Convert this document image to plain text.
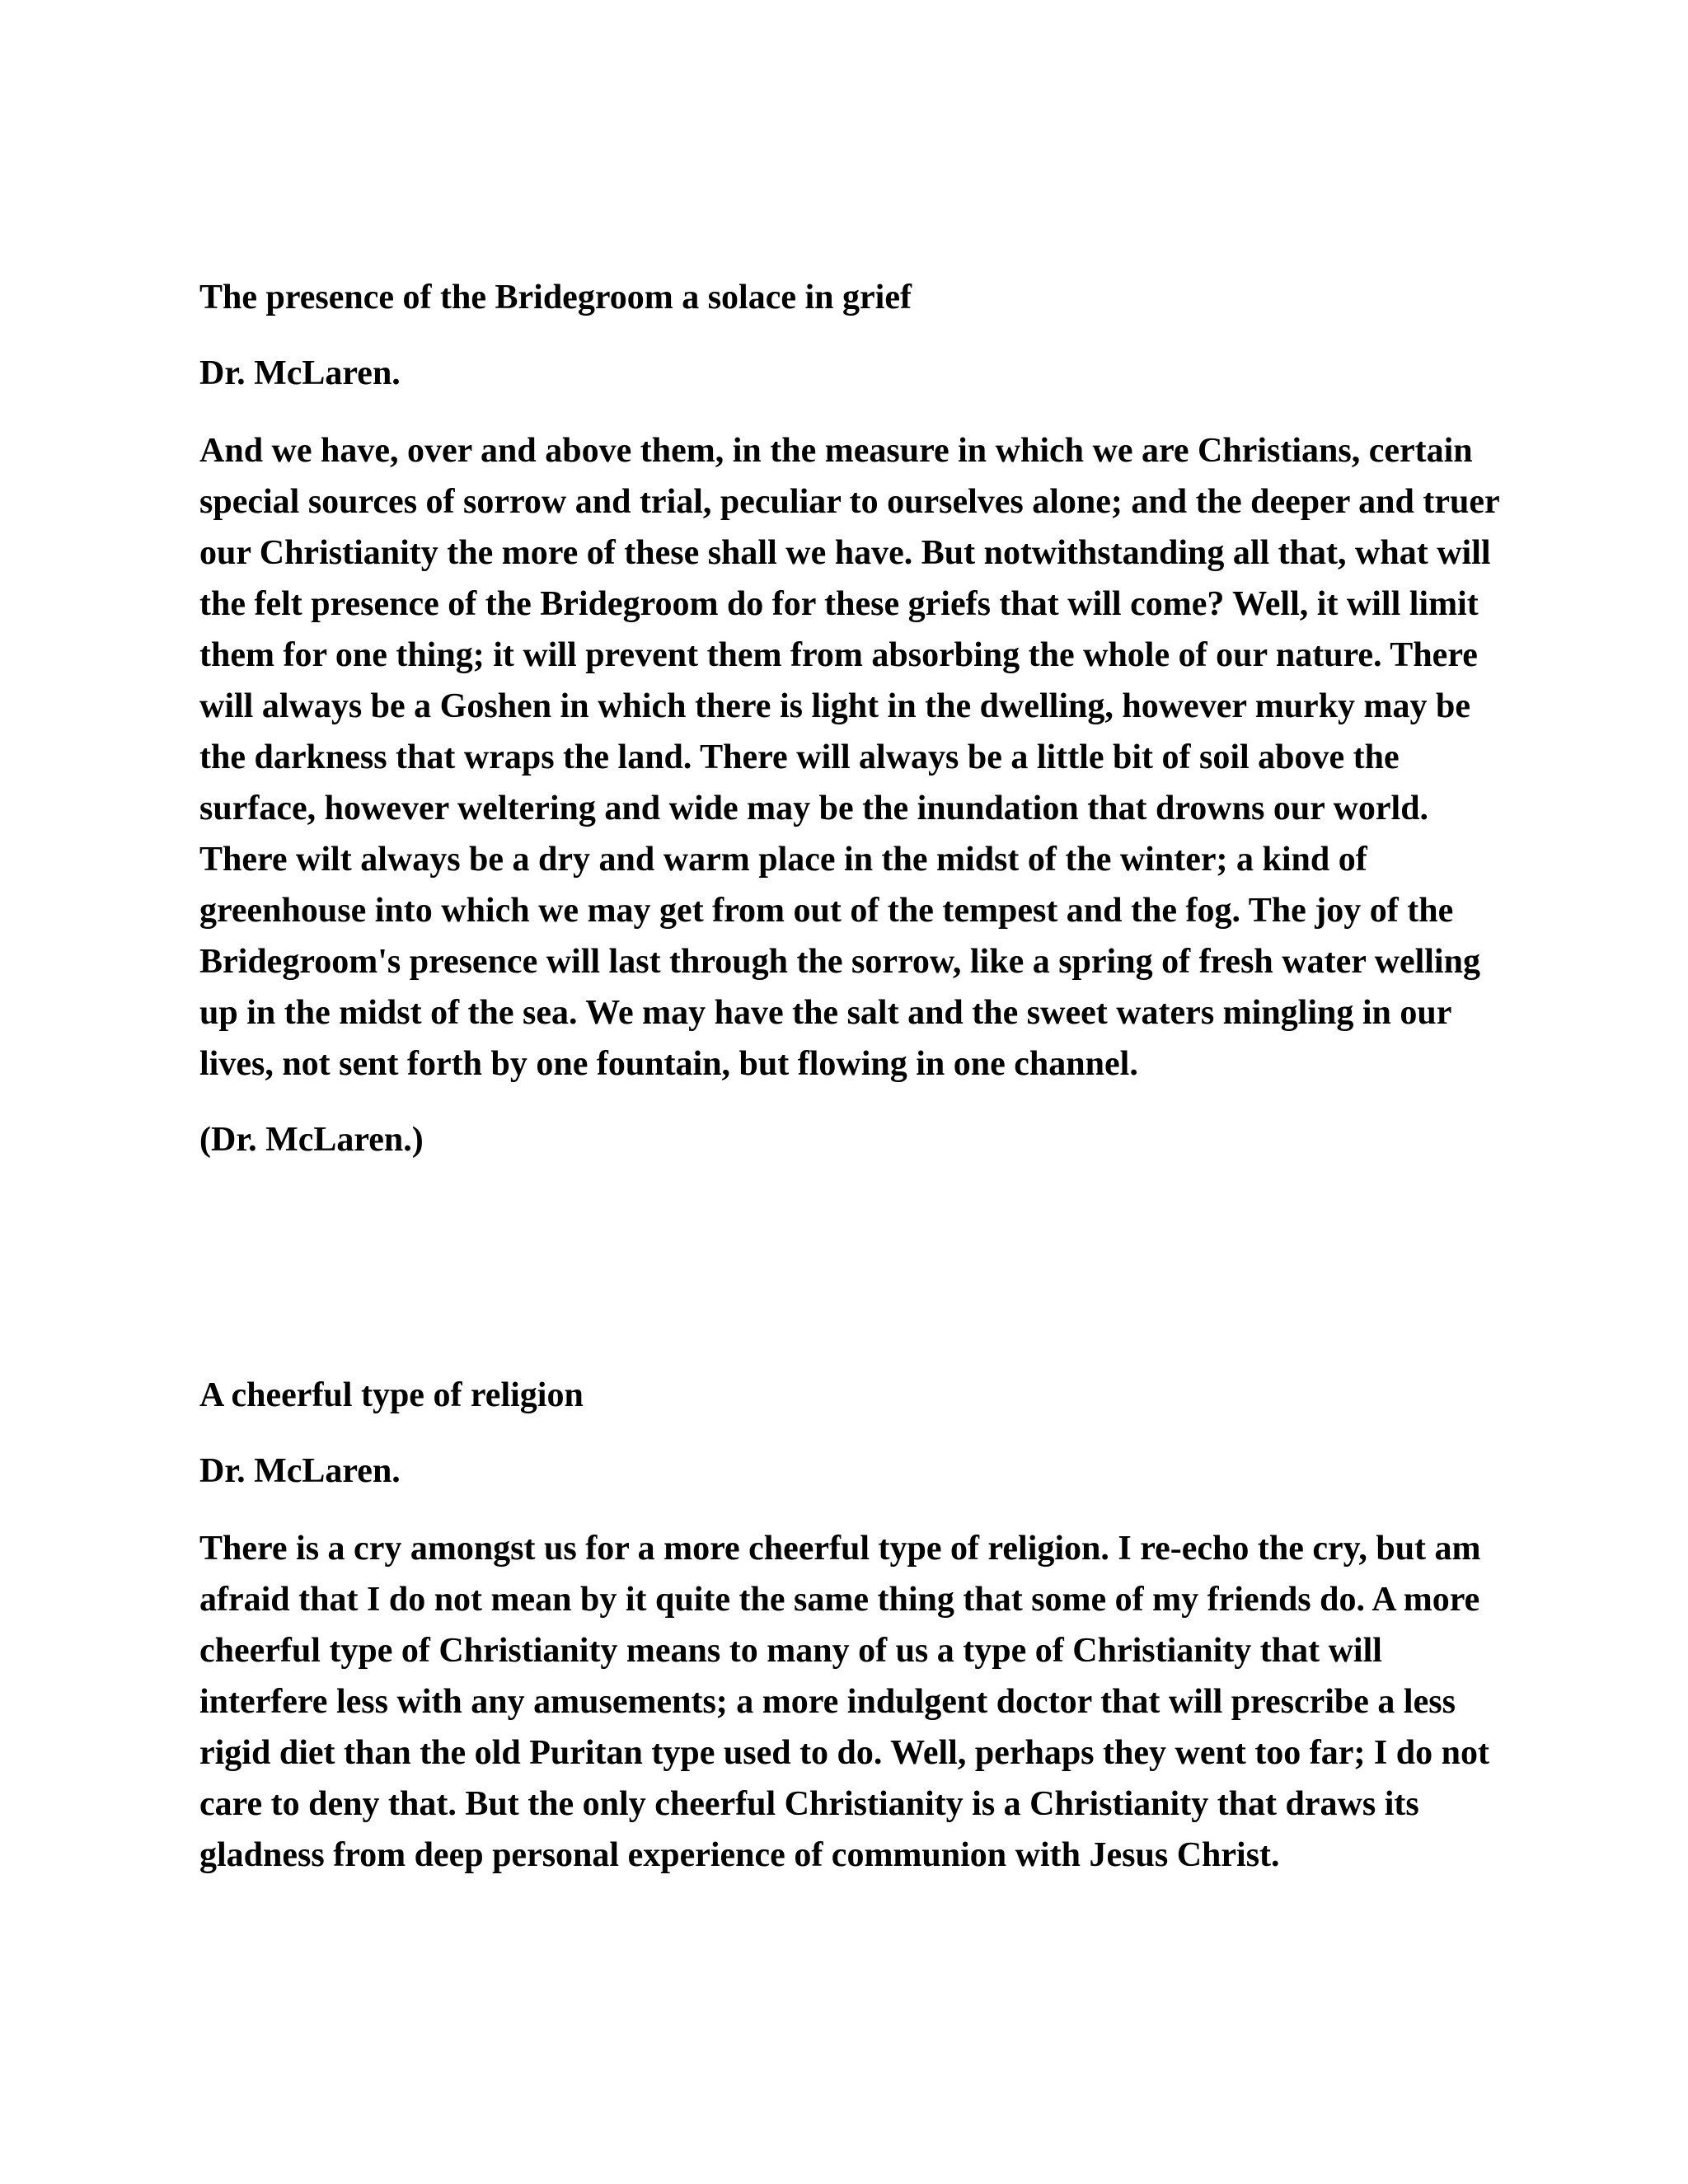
The presence of the Bridegroom a solace in grief

Dr. McLaren.

And we have, over and above them, in the measure in which we are Christians, certain special sources of sorrow and trial, peculiar to ourselves alone; and the deeper and truer our Christianity the more of these shall we have. But notwithstanding all that, what will the felt presence of the Bridegroom do for these griefs that will come? Well, it will limit them for one thing; it will prevent them from absorbing the whole of our nature. There will always be a Goshen in which there is light in the dwelling, however murky may be the darkness that wraps the land. There will always be a little bit of soil above the surface, however weltering and wide may be the inundation that drowns our world. There wilt always be a dry and warm place in the midst of the winter; a kind of greenhouse into which we may get from out of the tempest and the fog. The joy of the Bridegroom's presence will last through the sorrow, like a spring of fresh water welling up in the midst of the sea. We may have the salt and the sweet waters mingling in our lives, not sent forth by one fountain, but flowing in one channel.

(Dr. McLaren.)

A cheerful type of religion

Dr. McLaren.

There is a cry amongst us for a more cheerful type of religion. I re-echo the cry, but am afraid that I do not mean by it quite the same thing that some of my friends do. A more cheerful type of Christianity means to many of us a type of Christianity that will interfere less with any amusements; a more indulgent doctor that will prescribe a less rigid diet than the old Puritan type used to do. Well, perhaps they went too far; I do not care to deny that. But the only cheerful Christianity is a Christianity that draws its gladness from deep personal experience of communion with Jesus Christ.
